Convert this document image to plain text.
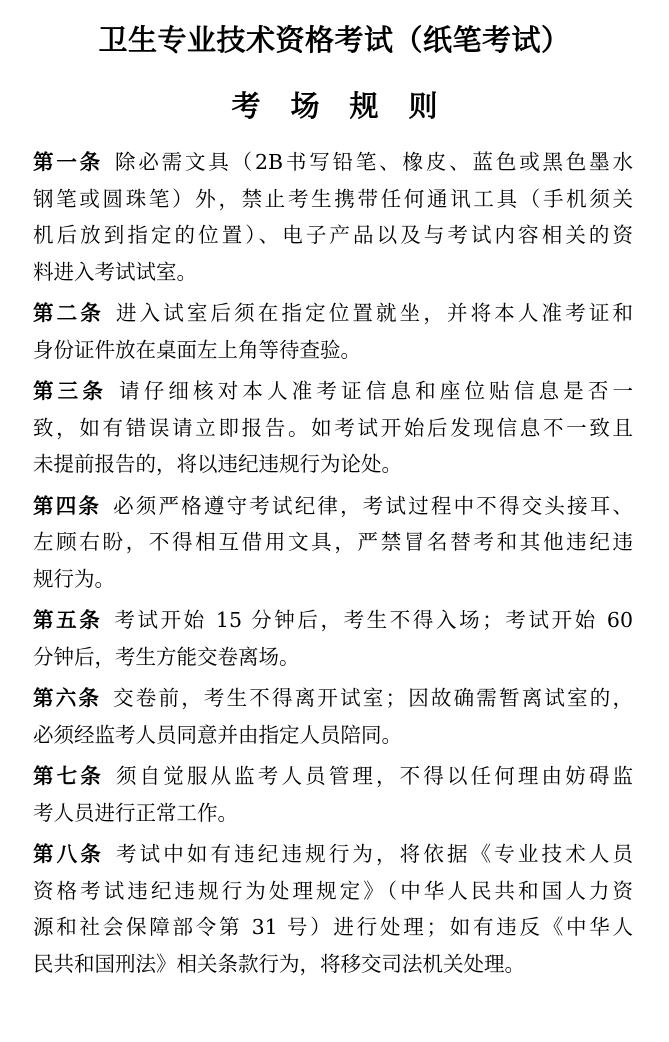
卫生专业技术资格考试（纸笔考试）
考场规则
第一条 除必需文具（2B书写铅笔、橡皮、蓝色或黑色墨水
钢笔或圆珠笔）外，禁止考生携带任何通讯工具（手机须关
机后放到指定的位置）、电子产品以及与考试内容相关的资
料进入考试试室。
第二条 进入试室后须在指定位置就坐，并将本人准考证和
身份证件放在桌面左上角等待查验。
第三条 请仔细核对本人准考证信息和座位贴信息是否一
致，如有错误请立即报告。如考试开始后发现信息不一致且
未提前报告的，将以违纪违规行为论处。
第四条 必须严格遵守考试纪律，考试过程中不得交头接耳、
左顾右盼，不得相互借用文具，严禁冒名替考和其他违纪违
规行为。
第五条 考试开始 15 分钟后，考生不得入场；考试开始 60
分钟后，考生方能交卷离场。
第六条 交卷前，考生不得离开试室；因故确需暂离试室的，
必须经监考人员同意并由指定人员陪同。
第七条 须自觉服从监考人员管理，不得以任何理由妨碍监
考人员进行正常工作。
第八条 考试中如有违纪违规行为，将依据《专业技术人员
资格考试违纪违规行为处理规定》（中华人民共和国人力资
源和社会保障部令第 31 号）进行处理；如有违反《中华人
民共和国刑法》相关条款行为，将移交司法机关处理。
